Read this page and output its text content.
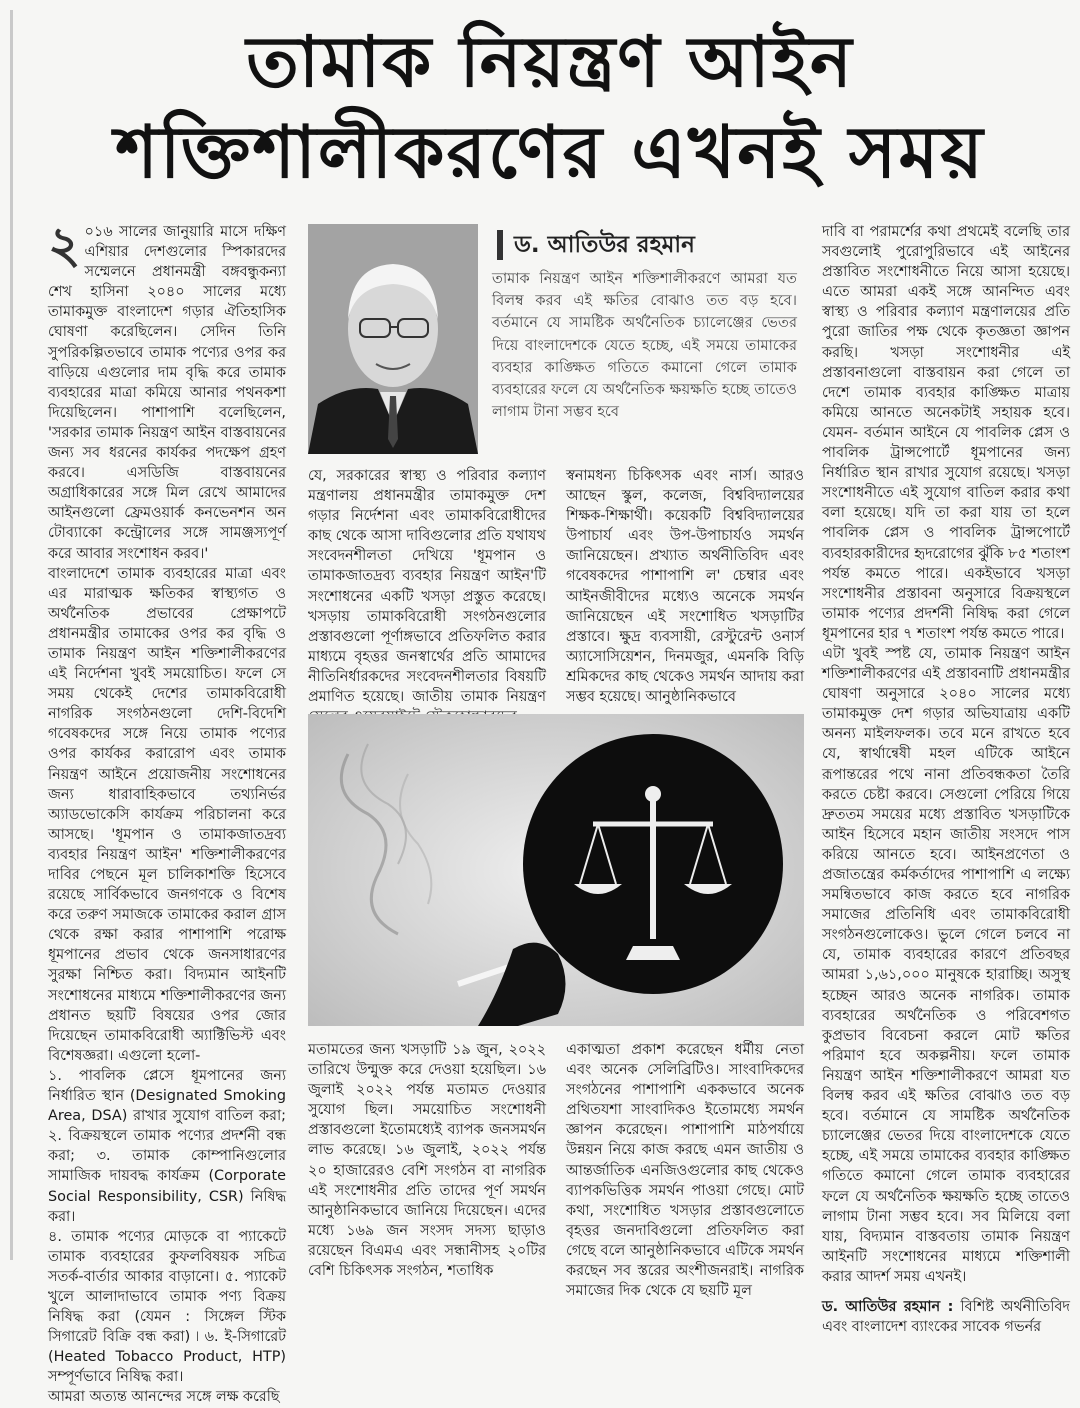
তামাক নিয়ন্ত্রণ আইন
শক্তিশালীকরণের এখনই সময়
২ ০১৬ সালের জানুয়ারি মাসে দক্ষিণ এশিয়ার দেশগুলোর স্পিকারদের সম্মেলনে প্রধানমন্ত্রী বঙ্গবন্ধুকন্যা শেখ হাসিনা ২০৪০ সালের মধ্যে তামাকমুক্ত বাংলাদেশ গড়ার ঐতিহাসিক ঘোষণা করেছিলেন। সেদিন তিনি সুপরিকল্পিতভাবে তামাক পণ্যের ওপর কর বাড়িয়ে এগুলোর দাম বৃদ্ধি করে তামাক ব্যবহারের মাত্রা কমিয়ে আনার পথনকশা দিয়েছিলেন। পাশাপাশি বলেছিলেন, 'সরকার তামাক নিয়ন্ত্রণ আইন বাস্তবায়নের জন্য সব ধরনের কার্যকর পদক্ষেপ গ্রহণ করবে। এসডিজি বাস্তবায়নের অগ্রাধিকারের সঙ্গে মিল রেখে আমাদের আইনগুলো ফ্রেমওয়ার্ক কনভেনশন অন টোব্যাকো কন্ট্রোলের সঙ্গে সামঞ্জস্যপূর্ণ করে আবার সংশোধন করব।'

বাংলাদেশে তামাক ব্যবহারের মাত্রা এবং এর মারাত্মক ক্ষতিকর স্বাস্থ্যগত ও অর্থনৈতিক প্রভাবের প্রেক্ষাপটে প্রধানমন্ত্রীর তামাকের ওপর কর বৃদ্ধি ও তামাক নিয়ন্ত্রণ আইন শক্তিশালীকরণের এই নির্দেশনা খুবই সময়োচিত। ফলে সে সময় থেকেই দেশের তামাকবিরোধী নাগরিক সংগঠনগুলো দেশি-বিদেশি গবেষকদের সঙ্গে নিয়ে তামাক পণ্যের ওপর কার্যকর করারোপ এবং তামাক নিয়ন্ত্রণ আইনে প্রয়োজনীয় সংশোধনের জন্য ধারাবাহিকভাবে তথ্যনির্ভর অ্যাডভোকেসি কার্যক্রম পরিচালনা করে আসছে। 'ধূমপান ও তামাকজাতদ্রব্য ব্যবহার নিয়ন্ত্রণ আইন' শক্তিশালীকরণের দাবির পেছনে মূল চালিকাশক্তি হিসেবে রয়েছে সার্বিকভাবে জনগণকে ও বিশেষ করে তরুণ সমাজকে তামাকের করাল গ্রাস থেকে রক্ষা করার পাশাপাশি পরোক্ষ ধূমপানের প্রভাব থেকে জনসাধারণের সুরক্ষা নিশ্চিত করা। বিদ্যমান আইনটি সংশোধনের মাধ্যমে শক্তিশালীকরণের জন্য প্রধানত ছয়টি বিষয়ের ওপর জোর দিয়েছেন তামাকবিরোধী অ্যাক্টিভিস্ট এবং বিশেষজ্ঞরা। এগুলো হলো-

১. পাবলিক প্লেসে ধূমপানের জন্য নির্ধারিত স্থান (Designated Smoking Area, DSA) রাখার সুযোগ বাতিল করা; ২. বিক্রয়স্থলে তামাক পণ্যের প্রদর্শনী বন্ধ করা; ৩. তামাক কোম্পানিগুলোর সামাজিক দায়বদ্ধ কার্যক্রম (Corporate Social Responsibility, CSR) নিষিদ্ধ করা।

৪. তামাক পণ্যের মোড়কে বা প্যাকেটে তামাক ব্যবহারের কুফলবিষয়ক সচিত্র সতর্ক-বার্তার আকার বাড়ানো। ৫. প্যাকেট খুলে আলাদাভাবে তামাক পণ্য বিক্রয় নিষিদ্ধ করা (যেমন : সিঙ্গেল স্টিক সিগারেট বিক্রি বন্ধ করা) ৷ ৬. ই-সিগারেট (Heated Tobacco Product, HTP) সম্পূর্ণভাবে নিষিদ্ধ করা।

আমরা অত্যন্ত আনন্দের সঙ্গে লক্ষ করেছি

ড. আতিউর রহমান
তামাক নিয়ন্ত্রণ আইন শক্তিশালীকরণে আমরা যত বিলম্ব করব এই ক্ষতির বোঝাও তত বড় হবে। বর্তমানে যে সামষ্টিক অর্থনৈতিক চ্যালেঞ্জের ভেতর দিয়ে বাংলাদেশকে যেতে হচ্ছে, এই সময়ে তামাকের ব্যবহার কাঙ্ক্ষিত গতিতে কমানো গেলে তামাক ব্যবহারের ফলে যে অর্থনৈতিক ক্ষয়ক্ষতি হচ্ছে তাতেও লাগাম টানা সম্ভব হবে

যে, সরকারের স্বাস্থ্য ও পরিবার কল্যাণ মন্ত্রণালয় প্রধানমন্ত্রীর তামাকমুক্ত দেশ গড়ার নির্দেশনা এবং তামাকবিরোধীদের কাছ থেকে আসা দাবিগুলোর প্রতি যথাযথ সংবেদনশীলতা দেখিয়ে 'ধূমপান ও তামাকজাতদ্রব্য ব্যবহার নিয়ন্ত্রণ আইন'টি সংশোধনের একটি খসড়া প্রস্তুত করেছে। খসড়ায় তামাকবিরোধী সংগঠনগুলোর প্রস্তাবগুলো পূর্ণাঙ্গভাবে প্রতিফলিত করার মাধ্যমে বৃহত্তর জনস্বার্থের প্রতি আমাদের নীতিনির্ধারকদের সংবেদনশীলতার বিষয়টি প্রমাণিত হয়েছে। জাতীয় তামাক নিয়ন্ত্রণ

স্বনামধন্য চিকিৎসক এবং নার্স। আরও আছেন স্কুল, কলেজ, বিশ্ববিদ্যালয়ের শিক্ষক-শিক্ষার্থী। কয়েকটি বিশ্ববিদ্যালয়ের উপাচার্য এবং উপ-উপাচার্যও সমর্থন জানিয়েছেন। প্রখ্যাত অর্থনীতিবিদ এবং গবেষকদের পাশাপাশি ল' চেম্বার এবং আইনজীবীদের মধ্যেও অনেকে সমর্থন জানিয়েছেন এই সংশোধিত খসড়াটির প্রস্তাবে। ক্ষুদ্র ব্যবসায়ী, রেস্টুরেন্ট ওনার্স অ্যাসোসিয়েশন, দিনমজুর, এমনকি বিড়ি শ্রমিকদের কাছ থেকেও সমর্থন আদায় করা সম্ভব হয়েছে। আনুষ্ঠানিকভাবে

মতামতের জন্য খসড়াটি ১৯ জুন, ২০২২ তারিখে উন্মুক্ত করে দেওয়া হয়েছিল। ১৬ জুলাই ২০২২ পর্যন্ত মতামত দেওয়ার সুযোগ ছিল। সময়োচিত সংশোধনী প্রস্তাবগুলো ইতোমধ্যেই ব্যাপক জনসমর্থন লাভ করেছে। ১৬ জুলাই, ২০২২ পর্যন্ত ২০ হাজারেরও বেশি সংগঠন বা নাগরিক এই সংশোধনীর প্রতি তাদের পূর্ণ সমর্থন আনুষ্ঠানিকভাবে জানিয়ে দিয়েছেন। এদের মধ্যে ১৬৯ জন সংসদ সদস্য ছাড়াও রয়েছেন বিএমএ এবং সন্ধানীসহ ২০টির বেশি চিকিৎসক সংগঠন, শতাধিক

একাত্মতা প্রকাশ করেছেন ধর্মীয় নেতা এবং অনেক সেলিব্রিটিও। সাংবাদিকদের সংগঠনের পাশাপাশি এককভাবে অনেক প্রথিতযশা সাংবাদিকও ইতোমধ্যে সমর্থন জ্ঞাপন করেছেন। পাশাপাশি মাঠপর্যায়ে উন্নয়ন নিয়ে কাজ করছে এমন জাতীয় ও আন্তর্জাতিক এনজিওগুলোর কাছ থেকেও ব্যাপকভিত্তিক সমর্থন পাওয়া গেছে। মোট কথা, সংশোধিত খসড়ার প্রস্তাবগুলোতে বৃহত্তর জনদাবিগুলো প্রতিফলিত করা গেছে বলে আনুষ্ঠানিকভাবে এটিকে সমর্থন করছেন সব স্তরের অংশীজনরাই। নাগরিক সমাজের দিক থেকে যে ছয়টি মূল

দাবি বা পরামর্শের কথা প্রথমেই বলেছি তার সবগুলোই পুরোপুরিভাবে এই আইনের প্রস্তাবিত সংশোধনীতে নিয়ে আসা হয়েছে। এতে আমরা একই সঙ্গে আনন্দিত এবং স্বাস্থ্য ও পরিবার কল্যাণ মন্ত্রণালয়ের প্রতি পুরো জাতির পক্ষ থেকে কৃতজ্ঞতা জ্ঞাপন করছি। খসড়া সংশোধনীর এই প্রস্তাবনাগুলো বাস্তবায়ন করা গেলে তা দেশে তামাক ব্যবহার কাঙ্ক্ষিত মাত্রায় কমিয়ে আনতে অনেকটাই সহায়ক হবে। যেমন- বর্তমান আইনে যে পাবলিক প্লেস ও পাবলিক ট্রান্সপোর্টে ধূমপানের জন্য নির্ধারিত স্থান রাখার সুযোগ রয়েছে। খসড়া সংশোধনীতে এই সুযোগ বাতিল করার কথা বলা হয়েছে। যদি তা করা যায় তা হলে পাবলিক প্লেস ও পাবলিক ট্রান্সপোর্টে ব্যবহারকারীদের হৃদরোগের ঝুঁকি ৮৫ শতাংশ পর্যন্ত কমতে পারে। একইভাবে খসড়া সংশোধনীর প্রস্তাবনা অনুসারে বিক্রয়স্থলে তামাক পণ্যের প্রদর্শনী নিষিদ্ধ করা গেলে ধূমপানের হার ৭ শতাংশ পর্যন্ত কমতে পারে।

এটা খুবই স্পষ্ট যে, তামাক নিয়ন্ত্রণ আইন শক্তিশালীকরণের এই প্রস্তাবনাটি প্রধানমন্ত্রীর ঘোষণা অনুসারে ২০৪০ সালের মধ্যে তামাকমুক্ত দেশ গড়ার অভিযাত্রায় একটি অনন্য মাইলফলক। তবে মনে রাখতে হবে যে, স্বার্থান্বেষী মহল এটিকে আইনে রূপান্তরের পথে নানা প্রতিবন্ধকতা তৈরি করতে চেষ্টা করবে। সেগুলো পেরিয়ে গিয়ে দ্রুততম সময়ের মধ্যে প্রস্তাবিত খসড়াটিকে আইন হিসেবে মহান জাতীয় সংসদে পাস করিয়ে আনতে হবে। আইনপ্রণেতা ও প্রজাতন্ত্রের কর্মকর্তাদের পাশাপাশি এ লক্ষ্যে সমন্বিতভাবে কাজ করতে হবে নাগরিক সমাজের প্রতিনিধি এবং তামাকবিরোধী সংগঠনগুলোকেও। ভুলে গেলে চলবে না যে, তামাক ব্যবহারের কারণে প্রতিবছর আমরা ১,৬১,০০০ মানুষকে হারাচ্ছি। অসুস্থ হচ্ছেন আরও অনেক নাগরিক। তামাক ব্যবহারের অর্থনৈতিক ও পরিবেশগত কুপ্রভাব বিবেচনা করলে মোট ক্ষতির পরিমাণ হবে অকল্পনীয়। ফলে তামাক নিয়ন্ত্রণ আইন শক্তিশালীকরণে আমরা যত বিলম্ব করব এই ক্ষতির বোঝাও তত বড় হবে। বর্তমানে যে সামষ্টিক অর্থনৈতিক চ্যালেঞ্জের ভেতর দিয়ে বাংলাদেশকে যেতে হচ্ছে, এই সময়ে তামাকের ব্যবহার কাঙ্ক্ষিত গতিতে কমানো গেলে তামাক ব্যবহারের ফলে যে অর্থনৈতিক ক্ষয়ক্ষতি হচ্ছে তাতেও লাগাম টানা সম্ভব হবে। সব মিলিয়ে বলা যায়, বিদ্যমান বাস্তবতায় তামাক নিয়ন্ত্রণ আইনটি সংশোধনের মাধ্যমে শক্তিশালী করার আদর্শ সময় এখনই।

ড. আতিউর রহমান : বিশিষ্ট অর্থনীতিবিদ এবং বাংলাদেশ ব্যাংকের সাবেক গভর্নর
